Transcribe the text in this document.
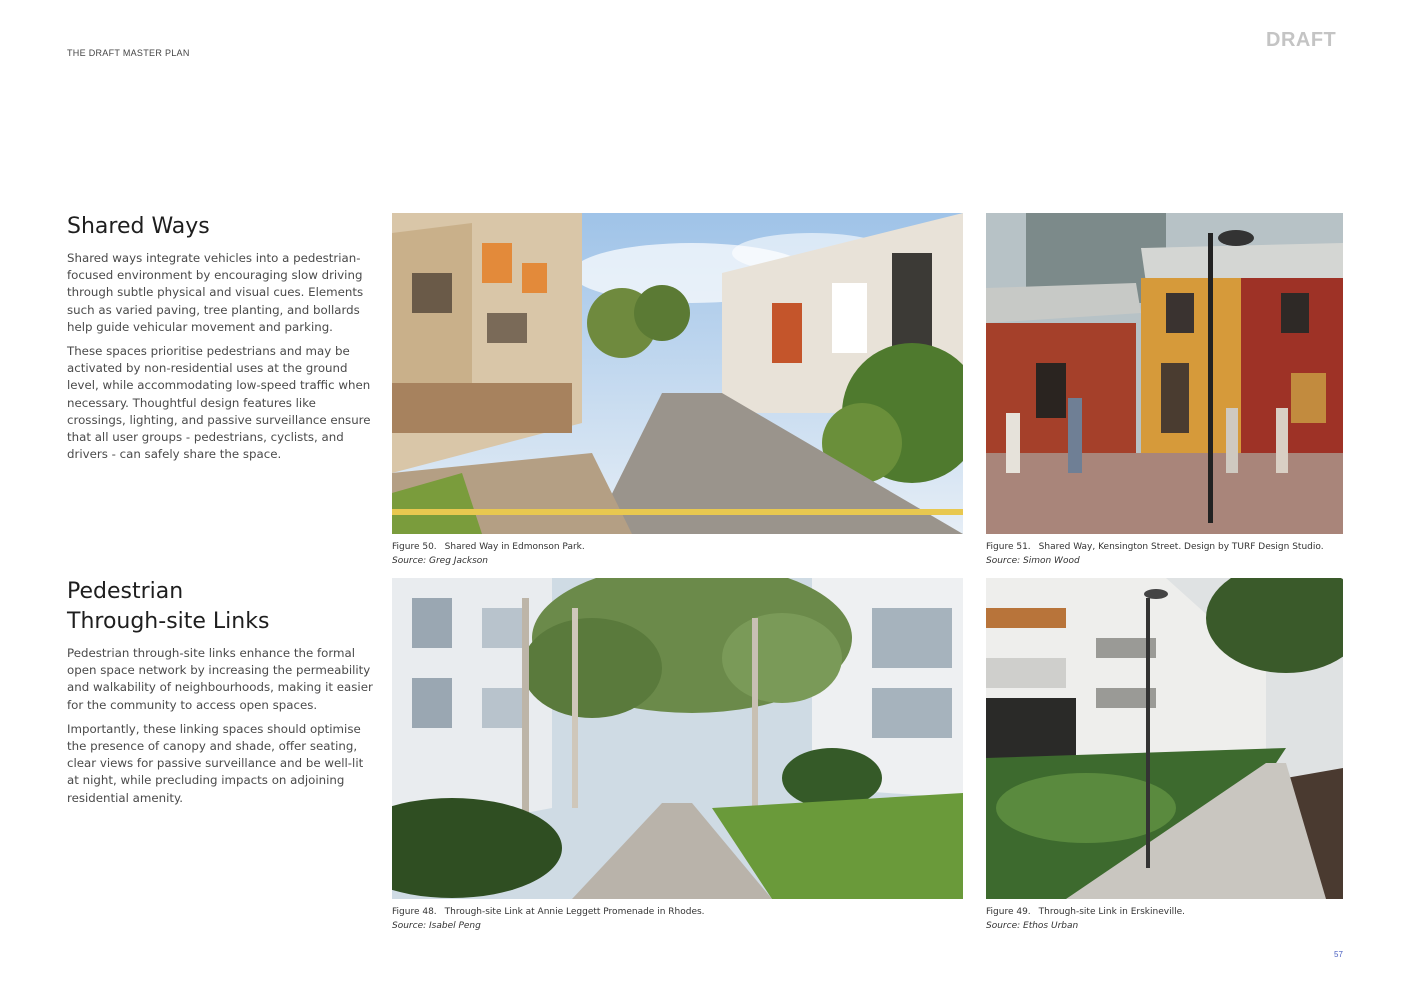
THE DRAFT MASTER PLAN
DRAFT
Shared Ways

Shared ways integrate vehicles into a pedestrian-focused environment by encouraging slow driving through subtle physical and visual cues. Elements such as varied paving, tree planting, and bollards help guide vehicular movement and parking.

These spaces prioritise pedestrians and may be activated by non-residential uses at the ground level, while accommodating low-speed traffic when necessary. Thoughtful design features like crossings, lighting, and passive surveillance ensure that all user groups - pedestrians, cyclists, and drivers - can safely share the space.

Pedestrian
Through-site Links

Pedestrian through-site links enhance the formal open space network by increasing the permeability and walkability of neighbourhoods, making it easier for the community to access open spaces.

Importantly, these linking spaces should optimise the presence of canopy and shade, offer seating, clear views for passive surveillance and be well-lit at night, while precluding impacts on adjoining residential amenity.

Figure 50. Shared Way in Edmonson Park.
Source: Greg Jackson
Figure 51. Shared Way, Kensington Street. Design by TURF Design Studio.
Source: Simon Wood
Figure 48. Through-site Link at Annie Leggett Promenade in Rhodes.
Source: Isabel Peng
Figure 49. Through-site Link in Erskineville.
Source: Ethos Urban
57
